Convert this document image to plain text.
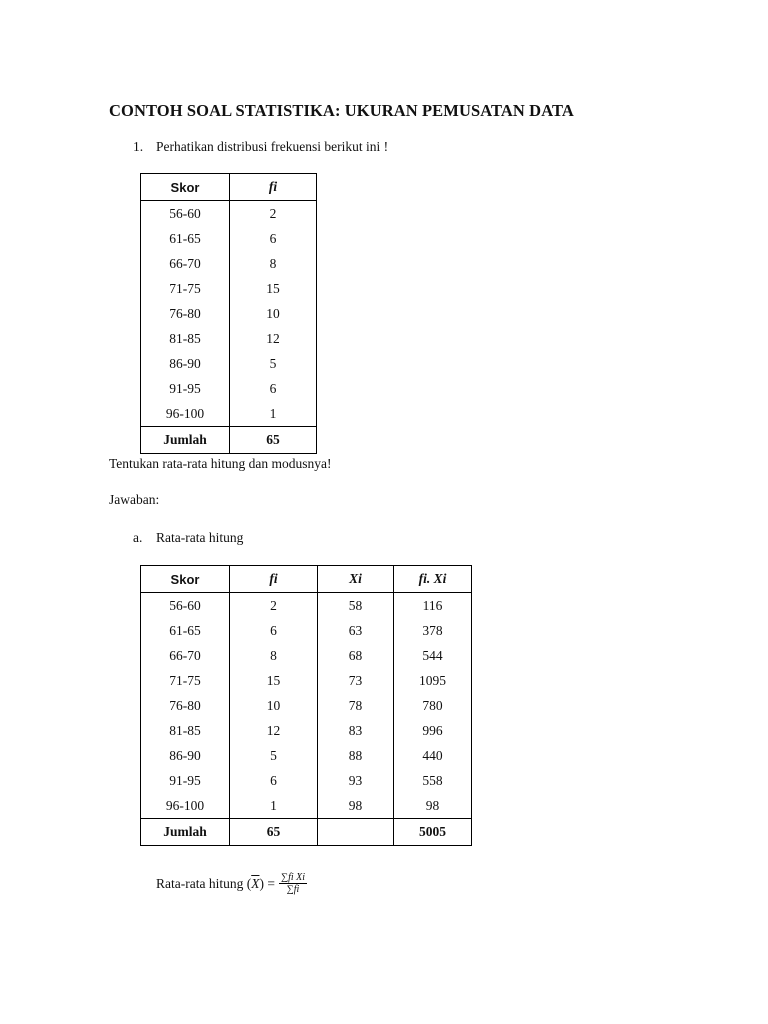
CONTOH SOAL STATISTIKA: UKURAN PEMUSATAN DATA
1. Perhatikan distribusi frekuensi berikut ini !
Skor	fi
56-60	2
61-65	6
66-70	8
71-75	15
76-80	10
81-85	12
86-90	5
91-95	6
96-100	1
Jumlah	65
Tentukan rata-rata hitung dan modusnya!
Jawaban:
a. Rata-rata hitung
Skor	fi	Xi	fi. Xi
56-60	2	58	116
61-65	6	63	378
66-70	8	68	544
71-75	15	73	1095
76-80	10	78	780
81-85	12	83	996
86-90	5	88	440
91-95	6	93	558
96-100	1	98	98
Jumlah	65		5005
Rata-rata hitung ( $\overline{X}$ ) = $\frac{\text{∑fi Xi}}{\sum fi}$
